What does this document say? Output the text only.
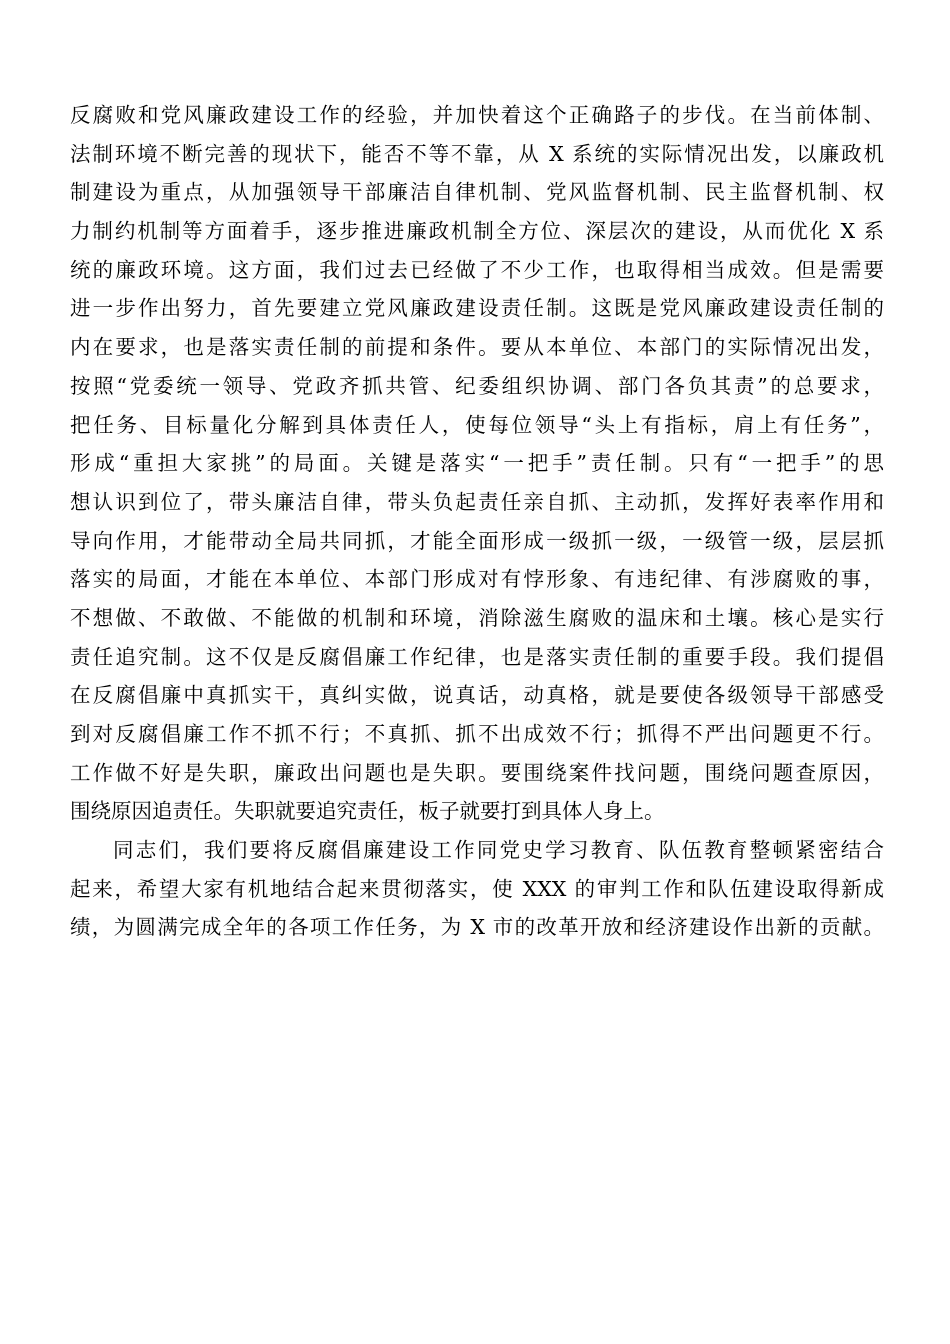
反腐败和党风廉政建设工作的经验，并加快着这个正确路子的步伐。在当前体制、
法制环境不断完善的现状下，能否不等不靠，从 X 系统的实际情况出发，以廉政机
制建设为重点，从加强领导干部廉洁自律机制、党风监督机制、民主监督机制、权
力制约机制等方面着手，逐步推进廉政机制全方位、深层次的建设，从而优化 X 系
统的廉政环境。这方面，我们过去已经做了不少工作，也取得相当成效。但是需要
进一步作出努力，首先要建立党风廉政建设责任制。这既是党风廉政建设责任制的
内在要求，也是落实责任制的前提和条件。要从本单位、本部门的实际情况出发，
按照“党委统一领导、党政齐抓共管、纪委组织协调、部门各负其责”的总要求，
把任务、目标量化分解到具体责任人，使每位领导“头上有指标，肩上有任务”，
形成“重担大家挑”的局面。关键是落实“一把手”责任制。只有“一把手”的思
想认识到位了，带头廉洁自律，带头负起责任亲自抓、主动抓，发挥好表率作用和
导向作用，才能带动全局共同抓，才能全面形成一级抓一级，一级管一级，层层抓
落实的局面，才能在本单位、本部门形成对有悖形象、有违纪律、有涉腐败的事，
不想做、不敢做、不能做的机制和环境，消除滋生腐败的温床和土壤。核心是实行
责任追究制。这不仅是反腐倡廉工作纪律，也是落实责任制的重要手段。我们提倡
在反腐倡廉中真抓实干，真纠实做，说真话，动真格，就是要使各级领导干部感受
到对反腐倡廉工作不抓不行；不真抓、抓不出成效不行；抓得不严出问题更不行。
工作做不好是失职，廉政出问题也是失职。要围绕案件找问题，围绕问题查原因，
围绕原因追责任。失职就要追究责任，板子就要打到具体人身上。
同志们，我们要将反腐倡廉建设工作同党史学习教育、队伍教育整顿紧密结合
起来，希望大家有机地结合起来贯彻落实，使 XXX 的审判工作和队伍建设取得新成
绩，为圆满完成全年的各项工作任务，为 X 市的改革开放和经济建设作出新的贡献。
